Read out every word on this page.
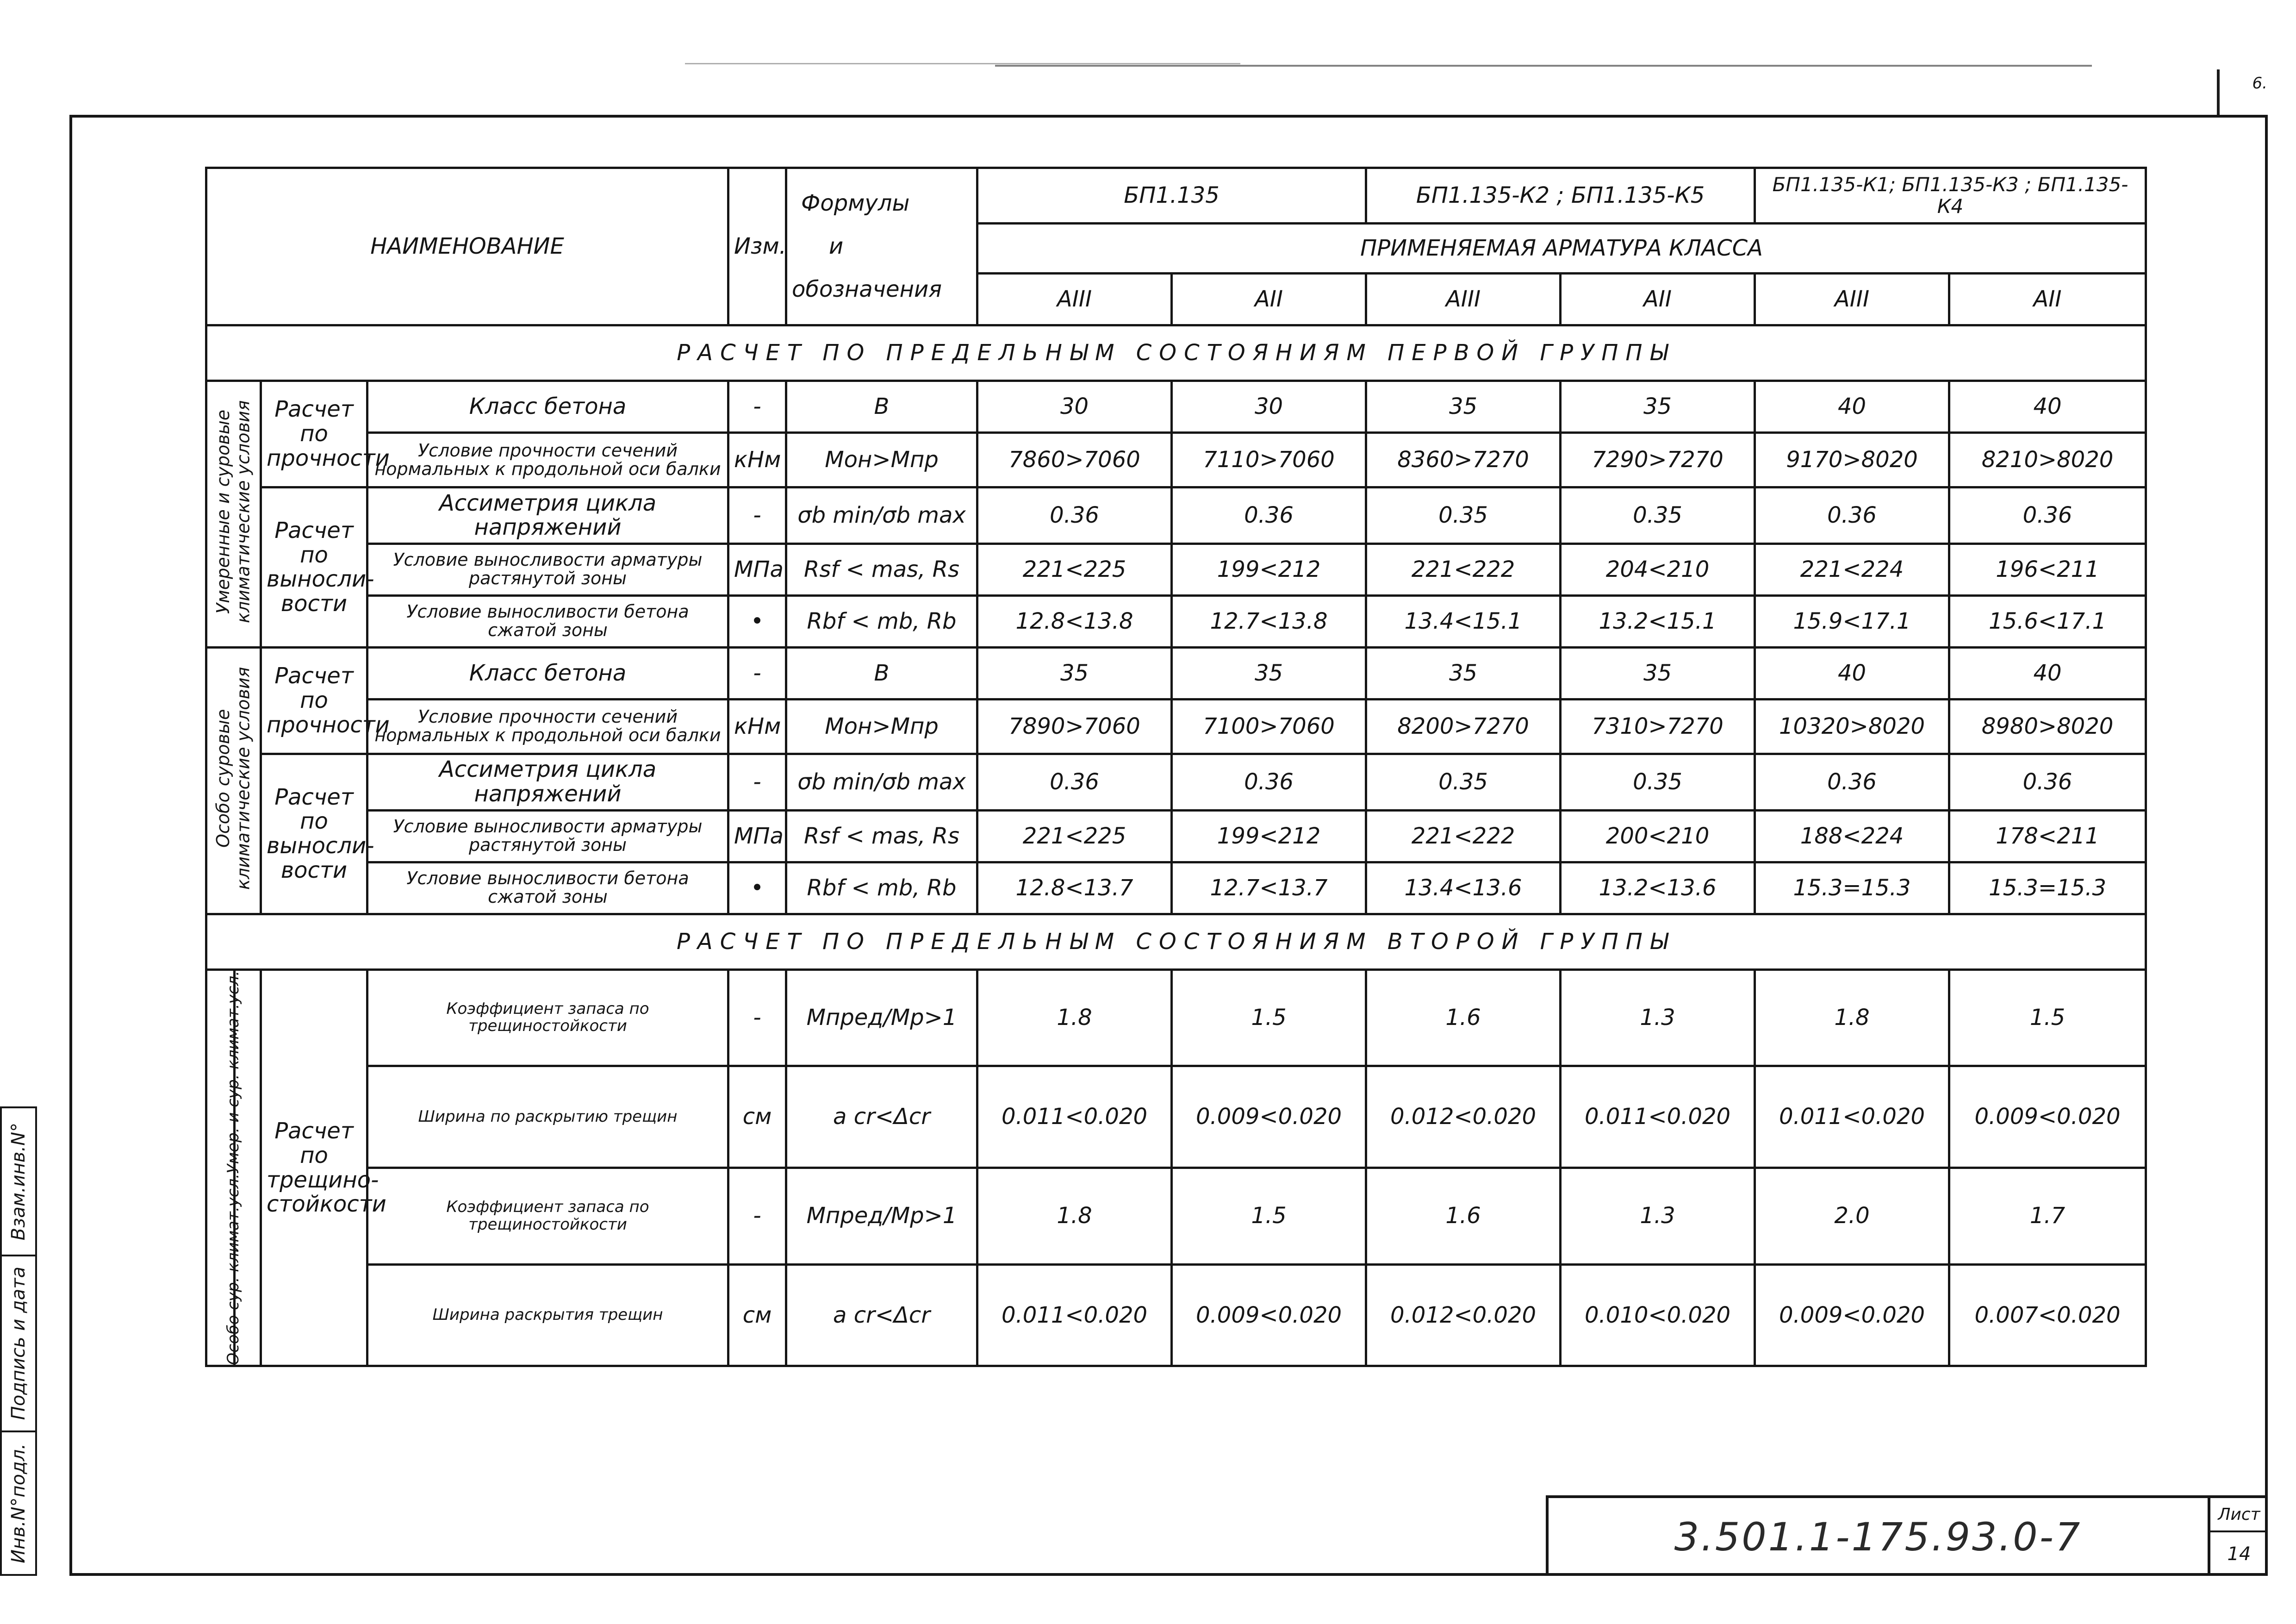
6.
Взам.инв.N°
Подпись и дата
Инв.N°подл.
НАИМЕНОВАНИЕ			Изм.	Формулы
и
обозначения	БП1.135		БП1.135-К2 ; БП1.135-К5		БП1.135-К1; БП1.135-К3 ; БП1.135-К4	
					ПРИМЕНЯЕМАЯ АРМАТУРА КЛАССА					
					AIII	AII	AIII	AII	AIII	AII
РАСЧЕТ ПО ПРЕДЕЛЬНЫМ СОСТОЯНИЯМ ПЕРВОЙ ГРУППЫ										
Умеренные и суровые климатические условия	Расчет по прочности	Класс бетона	-	B	30	30	35	35	40	40
		Условие прочности сечений нормальных к продольной оси балки	кНм	Мон>Мпр	7860>7060	7110>7060	8360>7270	7290>7270	9170>8020	8210>8020
	Расчет по выносли- вости	Ассиметрия цикла напряжений	-	σb min/σb max	0.36	0.36	0.35	0.35	0.36	0.36
		Условие выносливости арматуры растянутой зоны	МПа	Rsf < mas, Rs	221<225	199<212	221<222	204<210	221<224	196<211
		Условие выносливости бетона сжатой зоны	•	Rbf < mb, Rb	12.8<13.8	12.7<13.8	13.4<15.1	13.2<15.1	15.9<17.1	15.6<17.1
Особо суровые климатические условия	Расчет по прочности	Класс бетона	-	B	35	35	35	35	40	40
		Условие прочности сечений нормальных к продольной оси балки	кНм	Мон>Мпр	7890>7060	7100>7060	8200>7270	7310>7270	10320>8020	8980>8020
	Расчет по выносли- вости	Ассиметрия цикла напряжений	-	σb min/σb max	0.36	0.36	0.35	0.35	0.36	0.36
		Условие выносливости арматуры растянутой зоны	МПа	Rsf < mas, Rs	221<225	199<212	221<222	200<210	188<224	178<211
		Условие выносливости бетона сжатой зоны	•	Rbf < mb, Rb	12.8<13.7	12.7<13.7	13.4<13.6	13.2<13.6	15.3=15.3	15.3=15.3
РАСЧЕТ ПО ПРЕДЕЛЬНЫМ СОСТОЯНИЯМ ВТОРОЙ ГРУППЫ										

Умер. и сур. климат.усл.
Особо сур. климат.усл.	Расчет по трещино- стойкости	Коэффициент запаса по трещиностойкости	-	Мпред/Мр>1	1.8	1.5	1.6	1.3	1.8	1.5
		Ширина по раскрытию трещин	см	a cr<Δcr	0.011<0.020	0.009<0.020	0.012<0.020	0.011<0.020	0.011<0.020	0.009<0.020
		Коэффициент запаса по трещиностойкости	-	Мпред/Мр>1	1.8	1.5	1.6	1.3	2.0	1.7
		Ширина раскрытия трещин	см	a cr<Δcr	0.011<0.020	0.009<0.020	0.012<0.020	0.010<0.020	0.009<0.020	0.007<0.020
3.501.1-175.93.0-7	Лист
14
